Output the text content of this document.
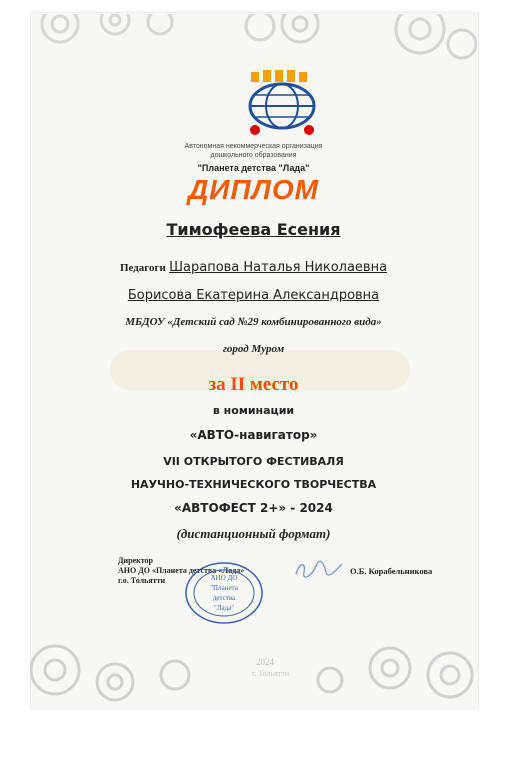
Автономная некоммерческая организация
дошкольного образования
"Планета детства "Лада"
ДИПЛОМ
Тимофеева Есения
Педагоги Шарапова Наталья Николаевна
Борисова Екатерина Александровна
МБДОУ «Детский сад №29 комбинированного вида»
город Муром
за II место
в номинации
«АВТО-навигатор»
VII ОТКРЫТОГО ФЕСТИВАЛЯ
НАУЧНО-ТЕХНИЧЕСКОГО ТВОРЧЕСТВА
«АВТОФЕСТ 2+» - 2024
(дистанционный формат)
Директор
АНО ДО «Планета детства «Лада»
г.о. Тольятти	АНО ДО
"Планета
детства
"Лада"
О.Б. Корабельникова
2024
г. Тольятти
